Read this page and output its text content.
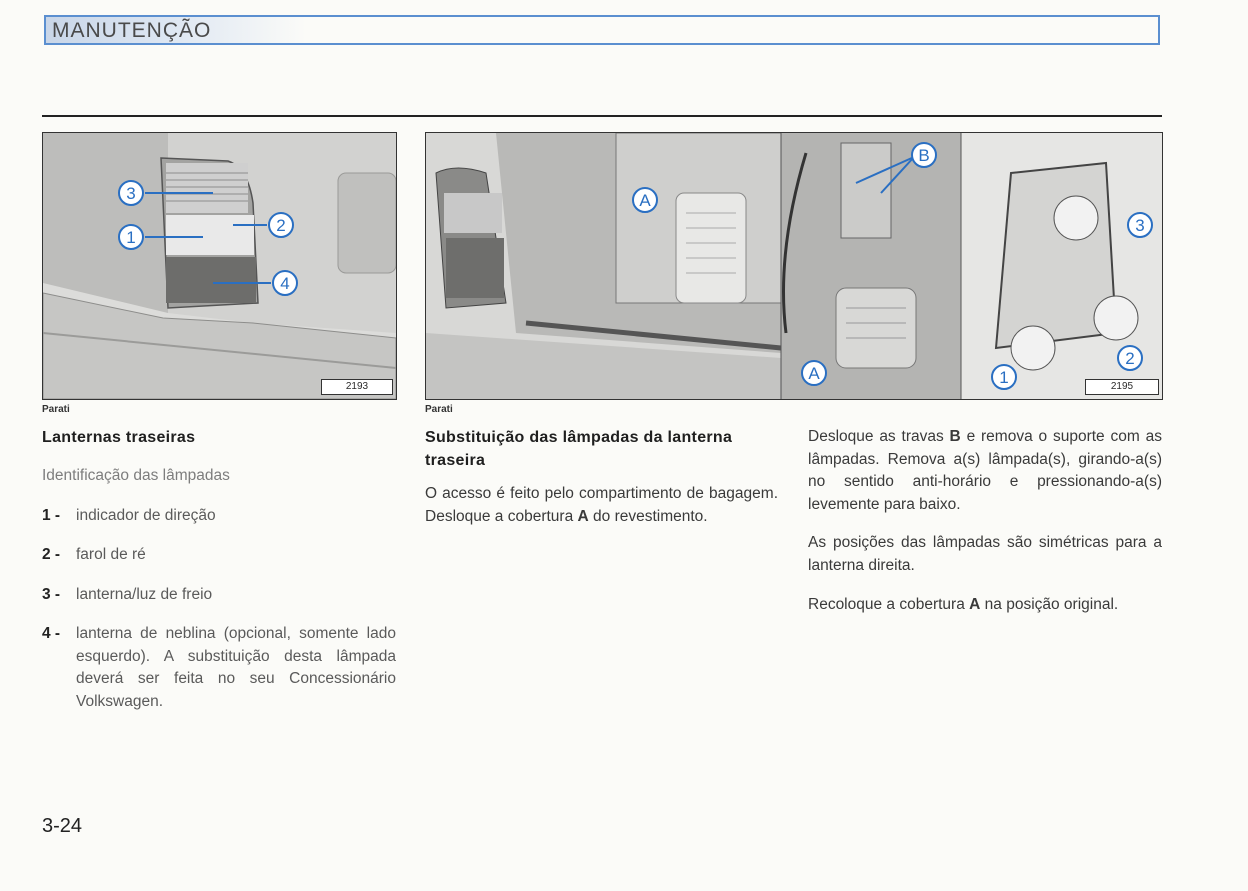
MANUTENÇÃO
3
1
2
4
2193
Parati
A
B
A
3
2
1	2195
Parati
Lanternas traseiras
Identificação das lâmpadas
1 - indicador de direção
2 - farol de ré
3 - lanterna/luz de freio
4 - lanterna de neblina (opcional, somente lado esquerdo). A substituição desta lâmpada deverá ser feita no seu Concessionário Volkswagen.
Substituição das lâmpadas da lanterna traseira
O acesso é feito pelo compartimento de bagagem. Desloque a cobertura A do revestimento.
Desloque as travas B e remova o suporte com as lâmpadas. Remova a(s) lâmpada(s), girando-a(s) no sentido anti-horário e pressionando-a(s) levemente para baixo.
As posições das lâmpadas são simétricas para a lanterna direita.
Recoloque a cobertura A na posição original.
3-24
